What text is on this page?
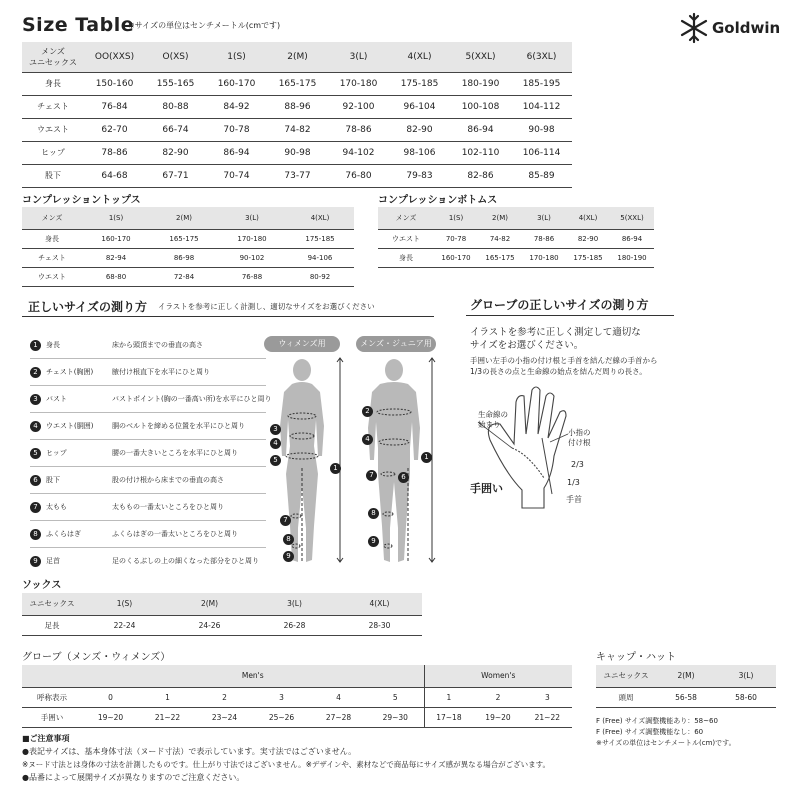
Size Table
※サイズの単位はセンチメートル(cmです)	Goldwin
メンズ
ユニセックス	OO(XXS)	O(XS)	1(S)	2(M)	3(L)	4(XL)	5(XXL)	6(3XL)
身長	150-160	155-165	160-170	165-175	170-180	175-185	180-190	185-195
チェスト	76-84	80-88	84-92	88-96	92-100	96-104	100-108	104-112
ウエスト	62-70	66-74	70-78	74-82	78-86	82-90	86-94	90-98
ヒップ	78-86	82-90	86-94	90-98	94-102	98-106	102-110	106-114
股下	64-68	67-71	70-74	73-77	76-80	79-83	82-86	85-89
コンプレッショントップス
メンズ	1(S)	2(M)	3(L)	4(XL)
身長	160-170	165-175	170-180	175-185
チェスト	82-94	86-98	90-102	94-106
ウエスト	68-80	72-84	76-88	80-92
コンプレッションボトムス
メンズ	1(S)	2(M)	3(L)	4(XL)	5(XXL)
ウエスト	70-78	74-82	78-86	82-90	86-94
身長	160-170	165-175	170-180	175-185	180-190
正しいサイズの測り方 イラストを参考に正しく計測し、適切なサイズをお選びください
1 身長	床から頭頂までの垂直の高さ
2 チェスト(胸囲)	腋付け根直下を水平にひと周り
3 バスト	バストポイント(胸の一番高い所)を水平にひと周り
4 ウエスト(胴囲)	胴のベルトを締める位置を水平にひと周り
5 ヒップ	腰の一番大きいところを水平にひと周り
6 股下	股の付け根から床までの垂直の高さ
7 太もも	太ももの一番太いところをひと周り
8 ふくらはぎ	ふくらはぎの一番太いところをひと周り
9 足首	足のくるぶしの上の細くなった部分をひと周り
ウィメンズ用	メンズ・ジュニア用
3
4
5
7
8
9
1
2
4
7
8
9
1
6
グローブの正しいサイズの測り方
イラストを参考に正しく測定して適切な
サイズをお選びください。
手囲い左手の小指の付け根と手首を結んだ線の手首から
1/3の長さの点と生命線の始点を結んだ周りの長さ。
生命線の
始まり
小指の
付け根
2/3
1/3
手首
手囲い
ソックス
ユニセックス	1(S)	2(M)	3(L)	4(XL)
足長	22-24	24-26	26-28	28-30
グローブ（メンズ・ウィメンズ）
	Men's						Women's		
呼称表示	0	1	2	3	4	5	1	2	3
手囲い	19~20	21~22	23~24	25~26	27~28	29~30	17~18	19~20	21~22
キャップ・ハット
ユニセックス	2(M)	3(L)
頭周	56-58	58-60
F (Free) サイズ調整機能あり：58~60
F (Free) サイズ調整機能なし：60
※サイズの単位はセンチメートル(cm)です。
■ご注意事項
●表記サイズは、基本身体寸法（ヌード寸法）で表示しています。実寸法ではございません。
※ヌード寸法とは身体の寸法を計測したものです。仕上がり寸法ではございません。※デザインや、素材などで商品毎にサイズ感が異なる場合がございます。
●品番によって展開サイズが異なりますのでご注意ください。
